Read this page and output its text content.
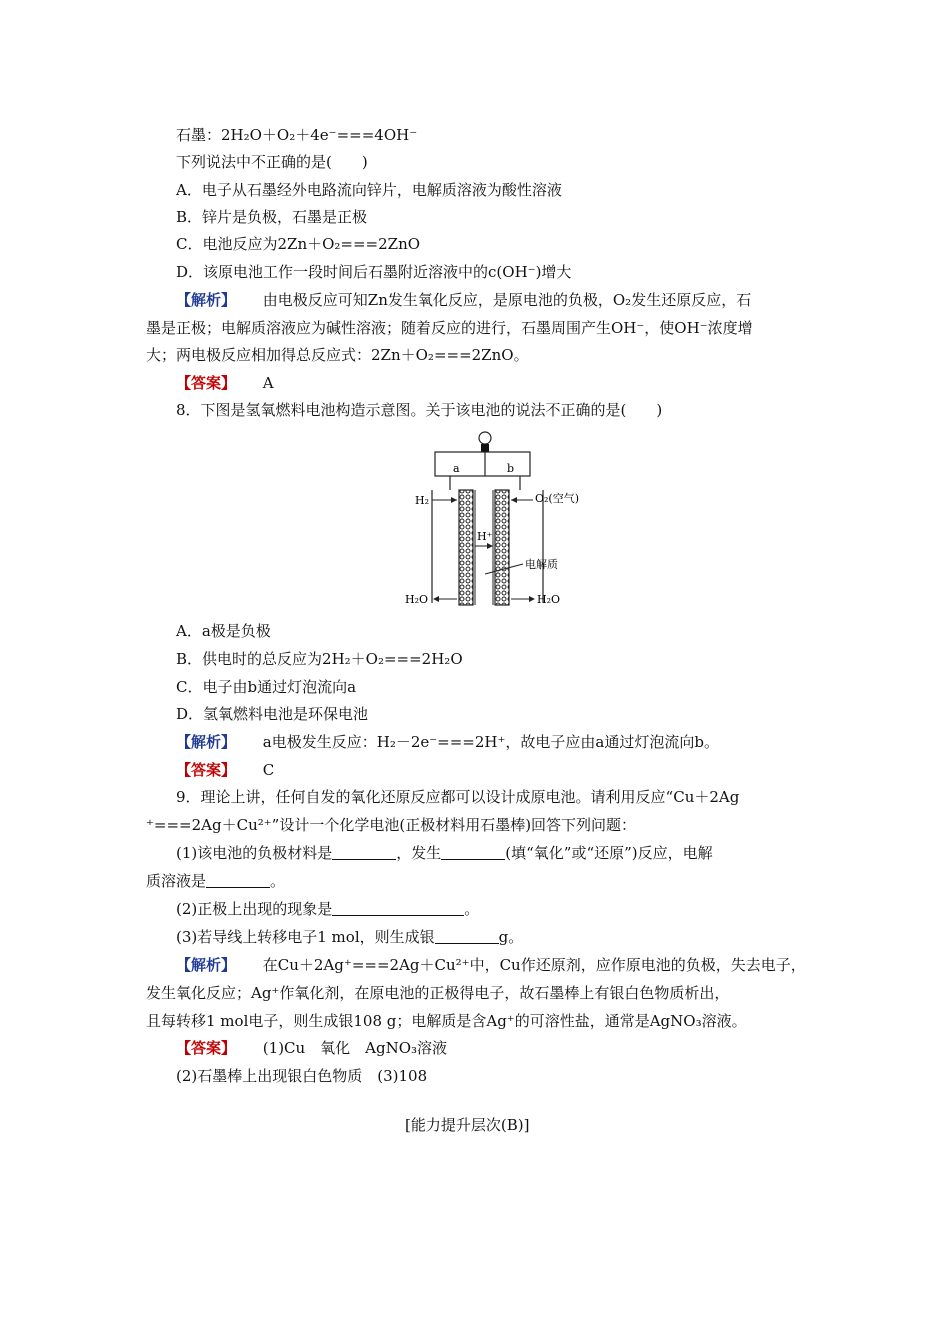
石墨：2H₂O＋O₂＋4e⁻===4OH⁻
下列说法中不正确的是(　　)
A．电子从石墨经外电路流向锌片，电解质溶液为酸性溶液
B．锌片是负极，石墨是正极
C．电池反应为2Zn＋O₂===2ZnO
D．该原电池工作一段时间后石墨附近溶液中的c(OH⁻)增大
【解析】 由电极反应可知Zn发生氧化反应，是原电池的负极，O₂发生还原反应，石
墨是正极；电解质溶液应为碱性溶液；随着反应的进行，石墨周围产生OH⁻，使OH⁻浓度增
大；两电极反应相加得总反应式：2Zn＋O₂===2ZnO。
【答案】 A
8．下图是氢氧燃料电池构造示意图。关于该电池的说法不正确的是(　　)
a	b
H₂	O₂(空气)
H⁺
电解质
H₂O	H₂O
A．a极是负极
B．供电时的总反应为2H₂＋O₂===2H₂O
C．电子由b通过灯泡流向a
D．氢氧燃料电池是环保电池
【解析】 a电极发生反应：H₂－2e⁻===2H⁺，故电子应由a通过灯泡流向b。
【答案】 C
9．理论上讲，任何自发的氧化还原反应都可以设计成原电池。请利用反应“Cu＋2Ag
⁺===2Ag＋Cu²⁺”设计一个化学电池(正极材料用石墨棒)回答下列问题：
(1)该电池的负极材料是	，发生	(填“氧化”或“还原”)反应，电解
质溶液是	。
(2)正极上出现的现象是	。
(3)若导线上转移电子1 mol，则生成银	g。
【解析】 在Cu＋2Ag⁺===2Ag＋Cu²⁺中，Cu作还原剂，应作原电池的负极，失去电子，
发生氧化反应；Ag⁺作氧化剂，在原电池的正极得电子，故石墨棒上有银白色物质析出，
且每转移1 mol电子，则生成银108 g；电解质是含Ag⁺的可溶性盐，通常是AgNO₃溶液。
【答案】 (1)Cu　氧化　AgNO₃溶液
(2)石墨棒上出现银白色物质　(3)108
[能力提升层次(B)]
